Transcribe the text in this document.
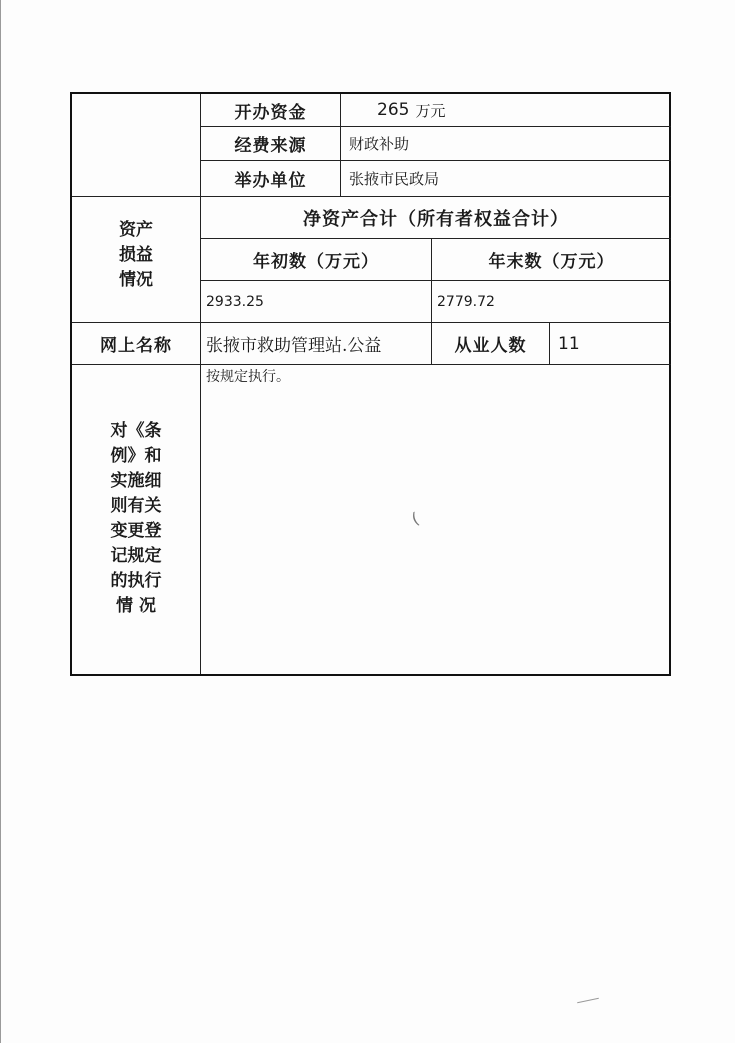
开办资金	265 万元
经费来源	财政补助
举办单位	张掖市民政局
资产
损益
情况
净资产合计（所有者权益合计）
年初数（万元）	年末数（万元）
2933.25	2779.72
网上名称	张掖市救助管理站.公益	从业人数	11
对《条
例》和
实施细
则有关
变更登
记规定
的执行
情 况
按规定执行。
(
